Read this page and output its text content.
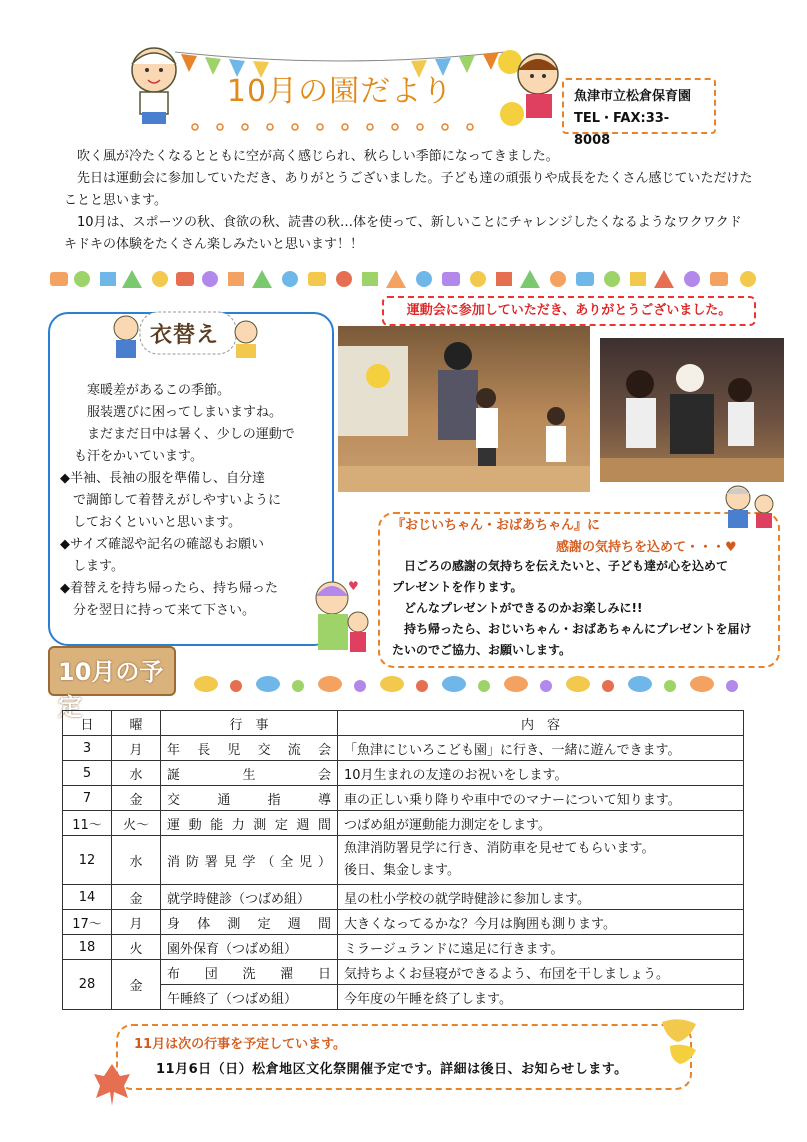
10月の園だより	魚津市立松倉保育園
TEL・FAX:33-8008

吹く風が冷たくなるとともに空が高く感じられ、秋らしい季節になってきました。

先日は運動会に参加していただき、ありがとうございました。子ども達の頑張りや成長をたくさん感じていただけたことと思います。

10月は、スポーツの秋、食欲の秋、読書の秋…体を使って、新しいことにチャレンジしたくなるようなワクワクドキドキの体験をたくさん楽しみたいと思います！！

衣替え
　寒暖差があるこの季節。
　服装選びに困ってしまいますね。
　まだまだ日中は暑く、少しの運動で
も汗をかいています。
◆半袖、長袖の服を準備し、自分達
　で調節して着替えがしやすいように
　しておくといいと思います。
◆サイズ確認や記名の確認もお願い
　します。
◆着替えを持ち帰ったら、持ち帰った
　分を翌日に持って来て下さい。
運動会に参加していただき、ありがとうございました。
『おじいちゃん・おばあちゃん』に
感謝の気持ちを込めて・・・♥
　日ごろの感謝の気持ちを伝えたいと、子ども達が心を込めて
プレゼントを作ります。
　どんなプレゼントができるのかお楽しみに!!
　持ち帰ったら、おじいちゃん・おばあちゃんにプレゼントを届け
たいのでご協力、お願いします。
♥
10月の予定
日	曜	行　事	内　容
3	月	年長児交流会	「魚津にじいろこども園」に行き、一緒に遊んできます。
5	水	誕生会	10月生まれの友達のお祝いをします。
7	金	交通指導	車の正しい乗り降りや車中でのマナーについて知ります。
11～	火～	運動能力測定週間	つばめ組が運動能力測定をします。
12	水	消防署見学（全児）	魚津消防署見学に行き、消防車を見せてもらいます。
後日、集金します。

14	金	就学時健診（つばめ組）	星の杜小学校の就学時健診に参加します。
17～	月	身体測定週間	大きくなってるかな？今月は胸囲も測ります。
18	火	園外保育（つばめ組）	ミラージュランドに遠足に行きます。
28	金	布団洗濯日	気持ちよくお昼寝ができるよう、布団を干しましょう。
		午睡終了（つばめ組）	今年度の午睡を終了します。
11月は次の行事を予定しています。
11月6日（日）松倉地区文化祭開催予定です。詳細は後日、お知らせします。
